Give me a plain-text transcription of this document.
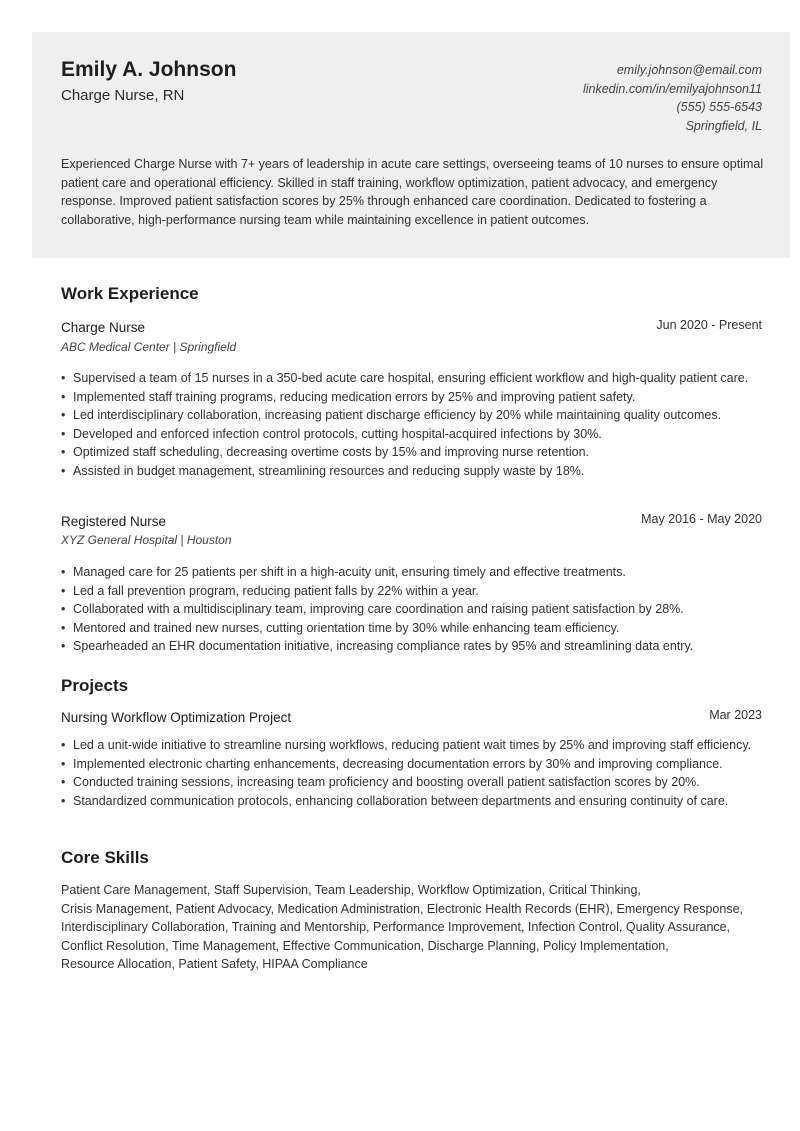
Emily A. Johnson
Charge Nurse, RN
emily.johnson@email.com
linkedin.com/in/emilyajohnson11
(555) 555-6543
Springfield, IL
Experienced Charge Nurse with 7+ years of leadership in acute care settings, overseeing teams of 10 nurses to ensure optimal patient care and operational efficiency. Skilled in staff training, workflow optimization, patient advocacy, and emergency response. Improved patient satisfaction scores by 25% through enhanced care coordination. Dedicated to fostering a collaborative, high-performance nursing team while maintaining excellence in patient outcomes.
Work Experience
Charge Nurse	Jun 2020 - Present
ABC Medical Center | Springfield
• Supervised a team of 15 nurses in a 350-bed acute care hospital, ensuring efficient workflow and high-quality patient care.
• Implemented staff training programs, reducing medication errors by 25% and improving patient safety.
• Led interdisciplinary collaboration, increasing patient discharge efficiency by 20% while maintaining quality outcomes.
• Developed and enforced infection control protocols, cutting hospital-acquired infections by 30%.
• Optimized staff scheduling, decreasing overtime costs by 15% and improving nurse retention.
• Assisted in budget management, streamlining resources and reducing supply waste by 18%.
Registered Nurse	May 2016 - May 2020
XYZ General Hospital | Houston
• Managed care for 25 patients per shift in a high-acuity unit, ensuring timely and effective treatments.
• Led a fall prevention program, reducing patient falls by 22% within a year.
• Collaborated with a multidisciplinary team, improving care coordination and raising patient satisfaction by 28%.
• Mentored and trained new nurses, cutting orientation time by 30% while enhancing team efficiency.
• Spearheaded an EHR documentation initiative, increasing compliance rates by 95% and streamlining data entry.
Projects
Nursing Workflow Optimization Project	Mar 2023
• Led a unit-wide initiative to streamline nursing workflows, reducing patient wait times by 25% and improving staff efficiency.
• Implemented electronic charting enhancements, decreasing documentation errors by 30% and improving compliance.
• Conducted training sessions, increasing team proficiency and boosting overall patient satisfaction scores by 20%.
• Standardized communication protocols, enhancing collaboration between departments and ensuring continuity of care.
Core Skills
Patient Care Management, Staff Supervision, Team Leadership, Workflow Optimization, Critical Thinking,
Crisis Management, Patient Advocacy, Medication Administration, Electronic Health Records (EHR), Emergency Response,
Interdisciplinary Collaboration, Training and Mentorship, Performance Improvement, Infection Control, Quality Assurance,
Conflict Resolution, Time Management, Effective Communication, Discharge Planning, Policy Implementation,
Resource Allocation, Patient Safety, HIPAA Compliance
